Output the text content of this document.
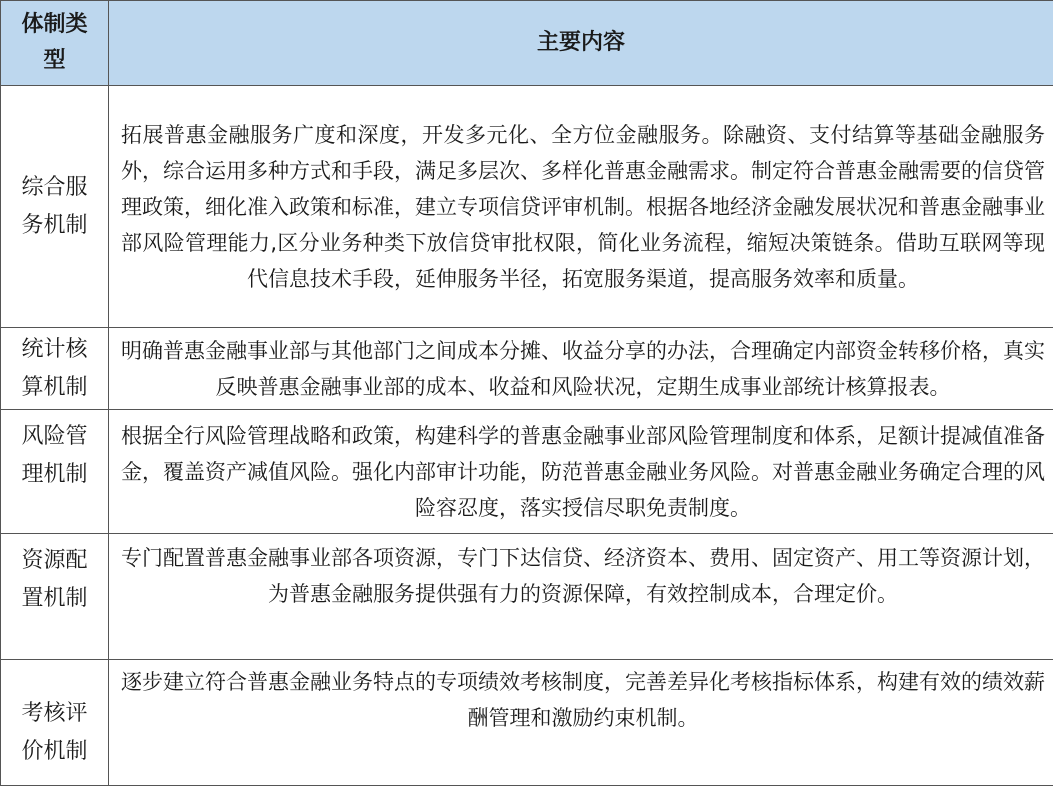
体制类型	主要内容

综合服务机制	拓展普惠金融服务广度和深度，开发多元化、全方位金融服务。除融资、支付结算等基础金融服务外，综合运用多种方式和手段，满足多层次、多样化普惠金融需求。制定符合普惠金融需要的信贷管理政策，细化准入政策和标准，建立专项信贷评审机制。根据各地经济金融发展状况和普惠金融事业部风险管理能力,区分业务种类下放信贷审批权限，简化业务流程，缩短决策链条。借助互联网等现代信息技术手段，延伸服务半径，拓宽服务渠道，提高服务效率和质量。

统计核算机制	明确普惠金融事业部与其他部门之间成本分摊、收益分享的办法，合理确定内部资金转移价格，真实反映普惠金融事业部的成本、收益和风险状况，定期生成事业部统计核算报表。

风险管理机制	根据全行风险管理战略和政策，构建科学的普惠金融事业部风险管理制度和体系，足额计提减值准备金，覆盖资产减值风险。强化内部审计功能，防范普惠金融业务风险。对普惠金融业务确定合理的风险容忍度，落实授信尽职免责制度。

资源配置机制	专门配置普惠金融事业部各项资源，专门下达信贷、经济资本、费用、固定资产、用工等资源计划，为普惠金融服务提供强有力的资源保障，有效控制成本，合理定价。

考核评价机制	逐步建立符合普惠金融业务特点的专项绩效考核制度，完善差异化考核指标体系，构建有效的绩效薪酬管理和激励约束机制。
